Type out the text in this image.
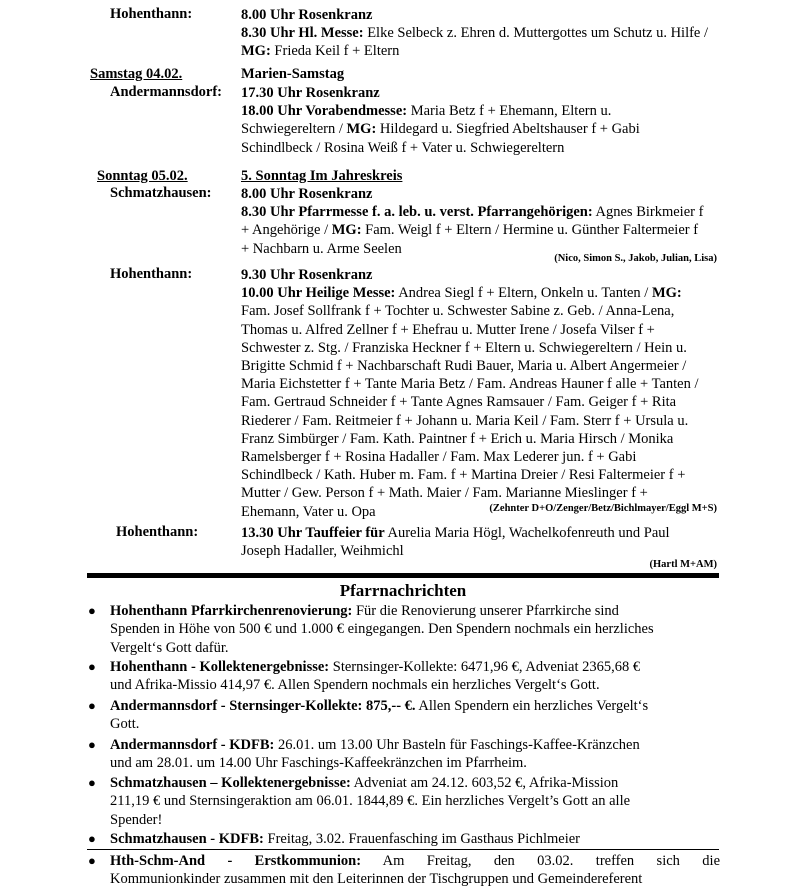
Hohenthann:	8.00 Uhr Rosenkranz

8.30 Uhr Hl. Messe: Elke Selbeck z. Ehren d. Muttergottes um Schutz u. Hilfe /

MG: Frieda Keil f + Eltern

Samstag 04.02.	Marien-Samstag
Andermannsdorf: 17.30 Uhr Rosenkranz

18.00 Uhr Vorabendmesse: Maria Betz f + Ehemann, Eltern u.

Schwiegereltern / MG: Hildegard u. Siegfried Abeltshauser f + Gabi

Schindlbeck / Rosina Weiß f + Vater u. Schwiegereltern

Sonntag 05.02.	5. Sonntag Im Jahreskreis
Schmatzhausen: 8.00 Uhr Rosenkranz

8.30 Uhr Pfarrmesse f. a. leb. u. verst. Pfarrangehörigen: Agnes Birkmeier f

+ Angehörige / MG: Fam. Weigl f + Eltern / Hermine u. Günther Faltermeier f

+ Nachbarn u. Arme Seelen

(Nico, Simon S., Jakob, Julian, Lisa)
Hohenthann:	9.30 Uhr Rosenkranz

10.00 Uhr Heilige Messe: Andrea Siegl f + Eltern, Onkeln u. Tanten / MG:

Fam. Josef Sollfrank f + Tochter u. Schwester Sabine z. Geb. / Anna-Lena,

Thomas u. Alfred Zellner f + Ehefrau u. Mutter Irene / Josefa Vilser f +

Schwester z. Stg. / Franziska Heckner f + Eltern u. Schwiegereltern / Hein u.

Brigitte Schmid f + Nachbarschaft Rudi Bauer, Maria u. Albert Angermeier /

Maria Eichstetter f + Tante Maria Betz / Fam. Andreas Hauner f alle + Tanten /

Fam. Gertraud Schneider f + Tante Agnes Ramsauer / Fam. Geiger f + Rita

Riederer / Fam. Reitmeier f + Johann u. Maria Keil / Fam. Sterr f + Ursula u.

Franz Simbürger / Fam. Kath. Paintner f + Erich u. Maria Hirsch / Monika

Ramelsberger f + Rosina Hadaller / Fam. Max Lederer jun. f + Gabi

Schindlbeck / Kath. Huber m. Fam. f + Martina Dreier / Resi Faltermeier f +

Mutter / Gew. Person f + Math. Maier / Fam. Marianne Mieslinger f +

Ehemann, Vater u. Opa	(Zehnter D+O/Zenger/Betz/Bichlmayer/Eggl M+S)
Hohenthann:	13.30 Uhr Tauffeier für Aurelia Maria Högl, Wachelkofenreuth und Paul

Joseph Hadaller, Weihmichl

(Hartl M+AM)
Pfarrnachrichten
● Hohenthann Pfarrkirchenrenovierung: Für die Renovierung unserer Pfarrkirche sind

Spenden in Höhe von 500 € und 1.000 € eingegangen. Den Spendern nochmals ein herzliches

Vergelt‘s Gott dafür.

● Hohenthann - Kollektenergebnisse: Sternsinger-Kollekte: 6471,96 €, Adveniat 2365,68 €

und Afrika-Missio 414,97 €. Allen Spendern nochmals ein herzliches Vergelt‘s Gott.

● Andermannsdorf - Sternsinger-Kollekte: 875,-- €. Allen Spendern ein herzliches Vergelt‘s

Gott.

● Andermannsdorf - KDFB: 26.01. um 13.00 Uhr Basteln für Faschings-Kaffee-Kränzchen

und am 28.01. um 14.00 Uhr Faschings-Kaffeekränzchen im Pfarrheim.

● Schmatzhausen – Kollektenergebnisse: Adveniat am 24.12. 603,52 €, Afrika-Mission

211,19 € und Sternsingeraktion am 06.01. 1844,89 €. Ein herzliches Vergelt’s Gott an alle

Spender!

● Schmatzhausen - KDFB: Freitag, 3.02. Frauenfasching im Gasthaus Pichlmeier

● Hth-Schm-And - Erstkommunion: Am Freitag, den 03.02. treffen sich die

Kommunionkinder zusammen mit den Leiterinnen der Tischgruppen und Gemeindereferent
